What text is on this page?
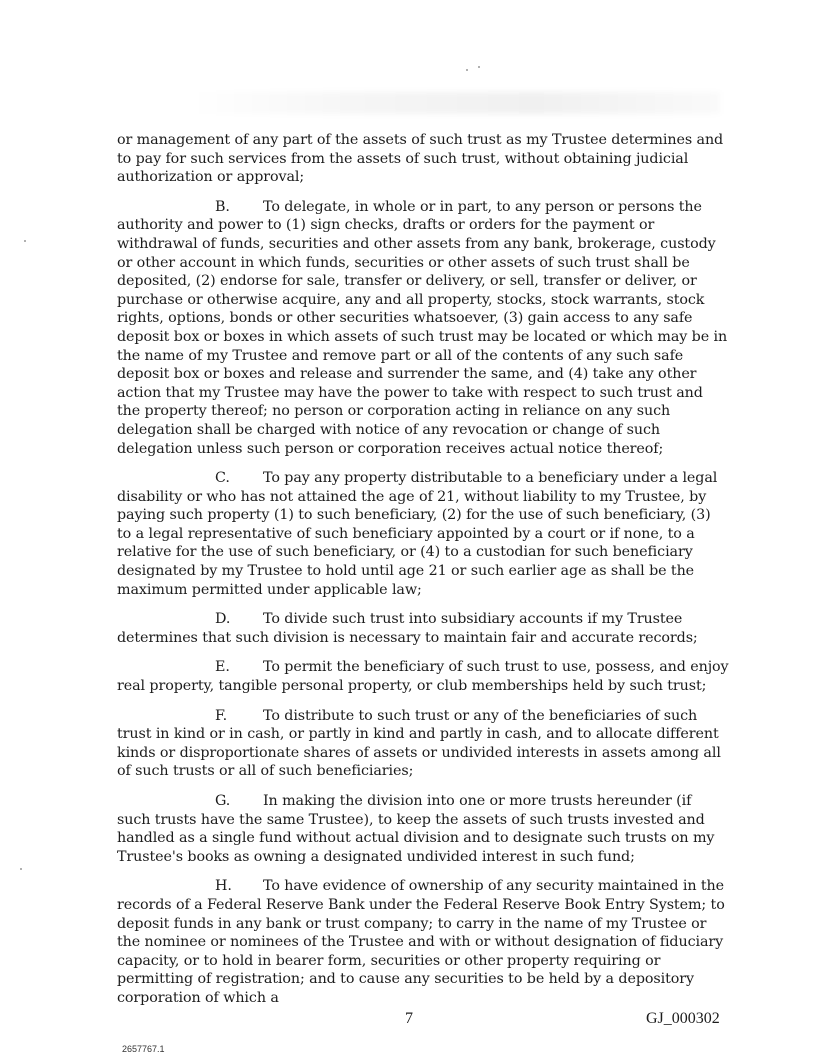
or management of any part of the assets of such trust as my Trustee determines and to pay for such services from the assets of such trust, without obtaining judicial authorization or approval;

B. To delegate, in whole or in part, to any person or persons the authority and power to (1) sign checks, drafts or orders for the payment or withdrawal of funds, securities and other assets from any bank, brokerage, custody or other account in which funds, securities or other assets of such trust shall be deposited, (2) endorse for sale, transfer or delivery, or sell, transfer or deliver, or purchase or otherwise acquire, any and all property, stocks, stock warrants, stock rights, options, bonds or other securities whatsoever, (3) gain access to any safe deposit box or boxes in which assets of such trust may be located or which may be in the name of my Trustee and remove part or all of the contents of any such safe deposit box or boxes and release and surrender the same, and (4) take any other action that my Trustee may have the power to take with respect to such trust and the property thereof; no person or corporation acting in reliance on any such delegation shall be charged with notice of any revocation or change of such delegation unless such person or corporation receives actual notice thereof;

C. To pay any property distributable to a beneficiary under a legal disability or who has not attained the age of 21, without liability to my Trustee, by paying such property (1) to such beneficiary, (2) for the use of such beneficiary, (3) to a legal representative of such beneficiary appointed by a court or if none, to a relative for the use of such beneficiary, or (4) to a custodian for such beneficiary designated by my Trustee to hold until age 21 or such earlier age as shall be the maximum permitted under applicable law;

D. To divide such trust into subsidiary accounts if my Trustee determines that such division is necessary to maintain fair and accurate records;

E. To permit the beneficiary of such trust to use, possess, and enjoy real property, tangible personal property, or club memberships held by such trust;

F.	To distribute to such trust or any of the beneficiaries of such trust in kind or in cash, or partly in kind and partly in cash, and to allocate different kinds or disproportionate shares of assets or undivided interests in assets among all of such trusts or all of such beneficiaries;

G. In making the division into one or more trusts hereunder (if such trusts have the same Trustee), to keep the assets of such trusts invested and handled as a single fund without actual division and to designate such trusts on my Trustee's books as owning a designated undivided interest in such fund;

H. To have evidence of ownership of any security maintained in the records of a Federal Reserve Bank under the Federal Reserve Book Entry System; to deposit funds in any bank or trust company; to carry in the name of my Trustee or the nominee or nominees of the Trustee and with or without designation of fiduciary capacity, or to hold in bearer form, securities or other property requiring or permitting of registration; and to cause any securities to be held by a depository corporation of which a

7	GJ_000302
2657767.1
